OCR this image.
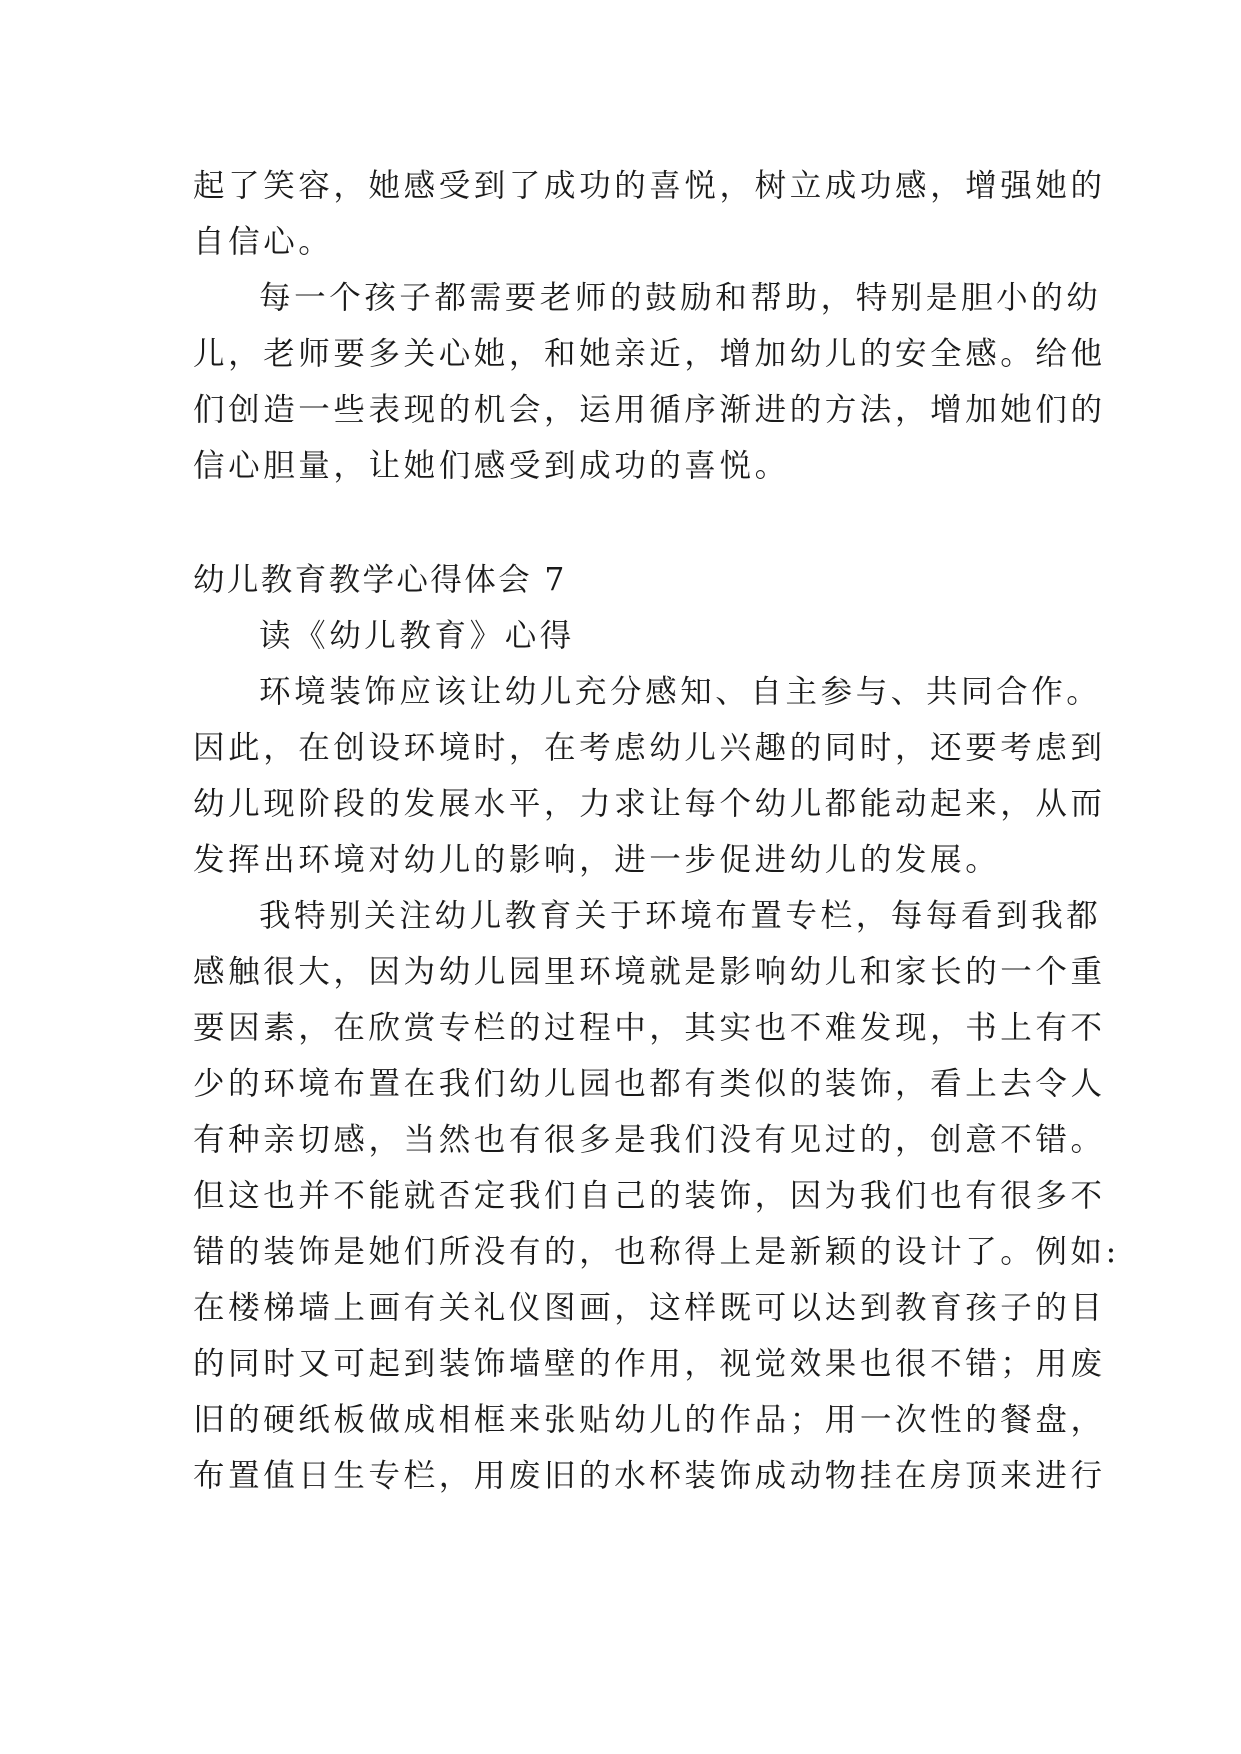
起了笑容，她感受到了成功的喜悦，树立成功感，增强她的
自信心。
每一个孩子都需要老师的鼓励和帮助，特别是胆小的幼
儿，老师要多关心她，和她亲近，增加幼儿的安全感。给他
们创造一些表现的机会，运用循序渐进的方法，增加她们的
信心胆量，让她们感受到成功的喜悦。
幼儿教育教学心得体会 7
读《幼儿教育》心得
环境装饰应该让幼儿充分感知、自主参与、共同合作。
因此，在创设环境时，在考虑幼儿兴趣的同时，还要考虑到
幼儿现阶段的发展水平，力求让每个幼儿都能动起来，从而
发挥出环境对幼儿的影响，进一步促进幼儿的发展。
我特别关注幼儿教育关于环境布置专栏，每每看到我都
感触很大，因为幼儿园里环境就是影响幼儿和家长的一个重
要因素，在欣赏专栏的过程中，其实也不难发现，书上有不
少的环境布置在我们幼儿园也都有类似的装饰，看上去令人
有种亲切感，当然也有很多是我们没有见过的，创意不错。
但这也并不能就否定我们自己的装饰，因为我们也有很多不
错的装饰是她们所没有的，也称得上是新颖的设计了。例如:
在楼梯墙上画有关礼仪图画，这样既可以达到教育孩子的目
的同时又可起到装饰墙壁的作用，视觉效果也很不错；用废
旧的硬纸板做成相框来张贴幼儿的作品；用一次性的餐盘，
布置值日生专栏，用废旧的水杯装饰成动物挂在房顶来进行
